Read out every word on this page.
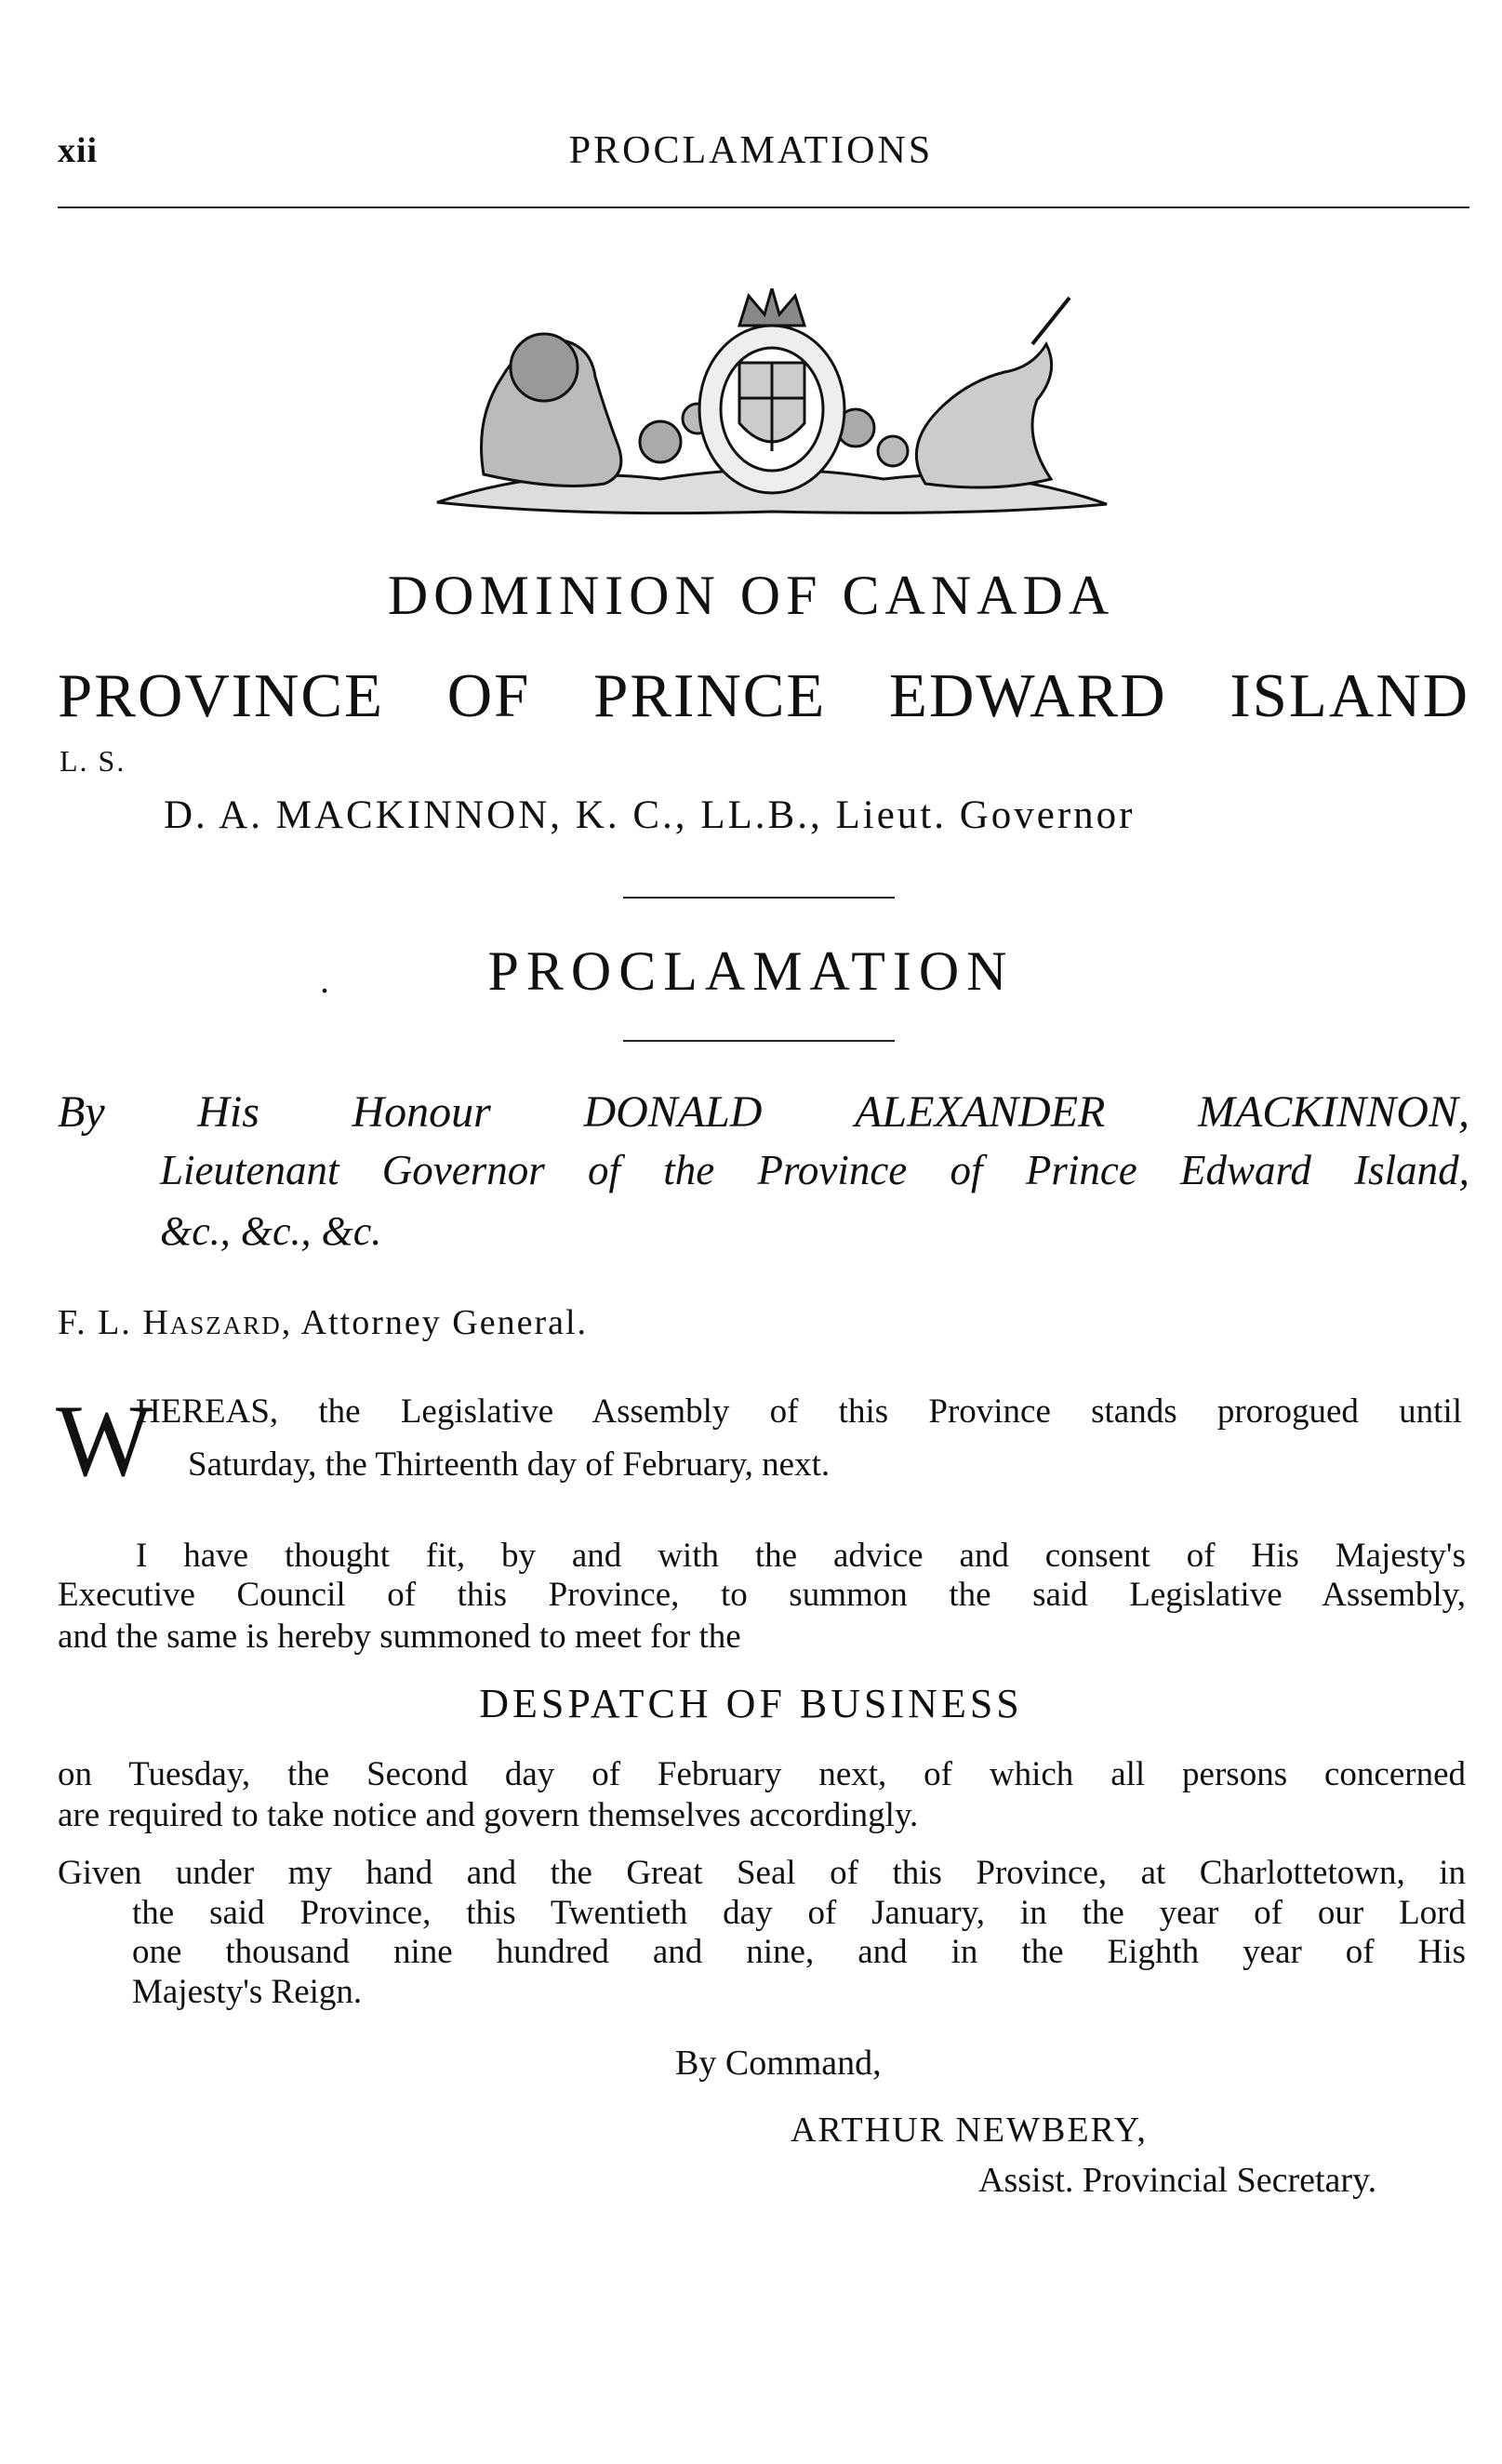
xii	PROCLAMATIONS
DOMINION OF CANADA
PROVINCE OF PRINCE EDWARD ISLAND
L. S.
D. A. MACKINNON, K. C., LL.B., Lieut. Governor
.	PROCLAMATION
By His Honour DONALD ALEXANDER MACKINNON,
Lieutenant Governor of the Province of Prince Edward Island,
&c., &c., &c.
F. L. Haszard, Attorney General.
W
HEREAS, the Legislative Assembly of this Province stands prorogued until
Saturday, the Thirteenth day of February, next.
I have thought fit, by and with the advice and consent of His Majesty's
Executive Council of this Province, to summon the said Legislative Assembly,
and the same is hereby summoned to meet for the
DESPATCH OF BUSINESS
on Tuesday, the Second day of February next, of which all persons concerned
are required to take notice and govern themselves accordingly.
Given under my hand and the Great Seal of this Province, at Charlottetown, in
the said Province, this Twentieth day of January, in the year of our Lord
one thousand nine hundred and nine, and in the Eighth year of His
Majesty's Reign.
By Command,
ARTHUR NEWBERY,
Assist. Provincial Secretary.
